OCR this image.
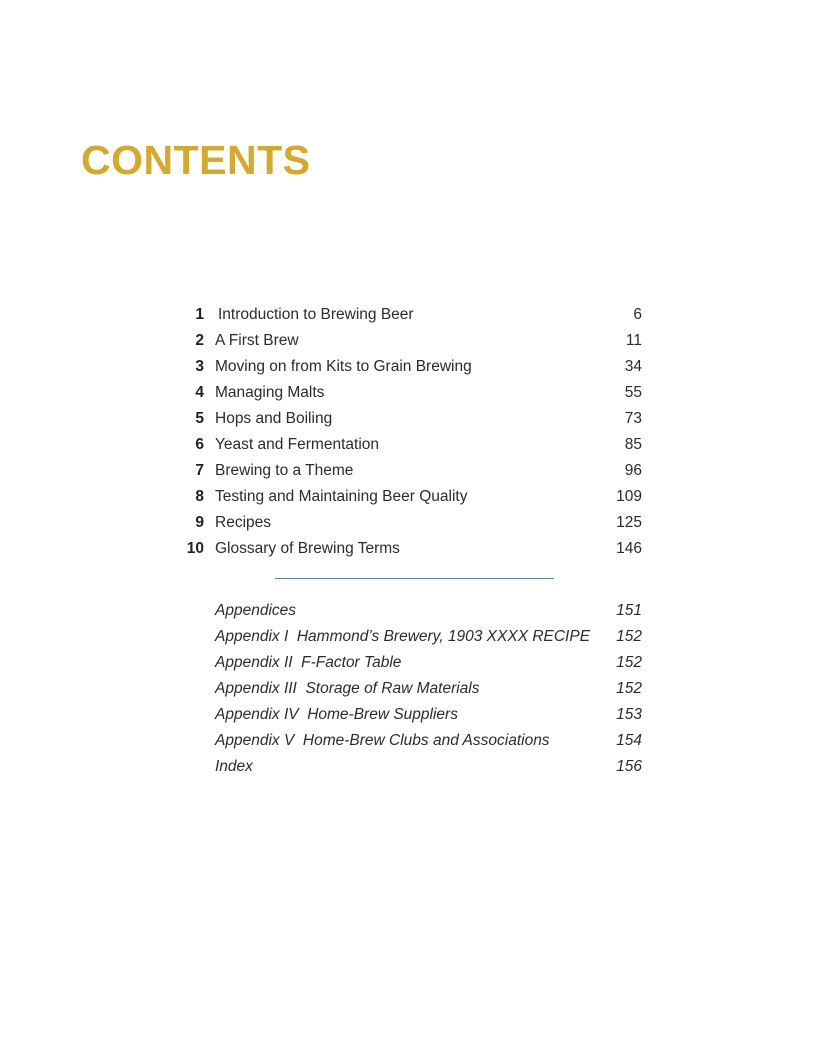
CONTENTS
1 Introduction to Brewing Beer	6
2 A First Brew	11
3 Moving on from Kits to Grain Brewing	34
4 Managing Malts	55
5 Hops and Boiling	73
6 Yeast and Fermentation	85
7 Brewing to a Theme	96
8 Testing and Maintaining Beer Quality	109
9 Recipes	125
10 Glossary of Brewing Terms	146
Appendices	151
Appendix I  Hammond’s Brewery, 1903 XXXX RECIPE 152
Appendix II  F-Factor Table	152
Appendix III  Storage of Raw Materials	152
Appendix IV  Home-Brew Suppliers	153
Appendix V  Home-Brew Clubs and Associations	154
Index	156
